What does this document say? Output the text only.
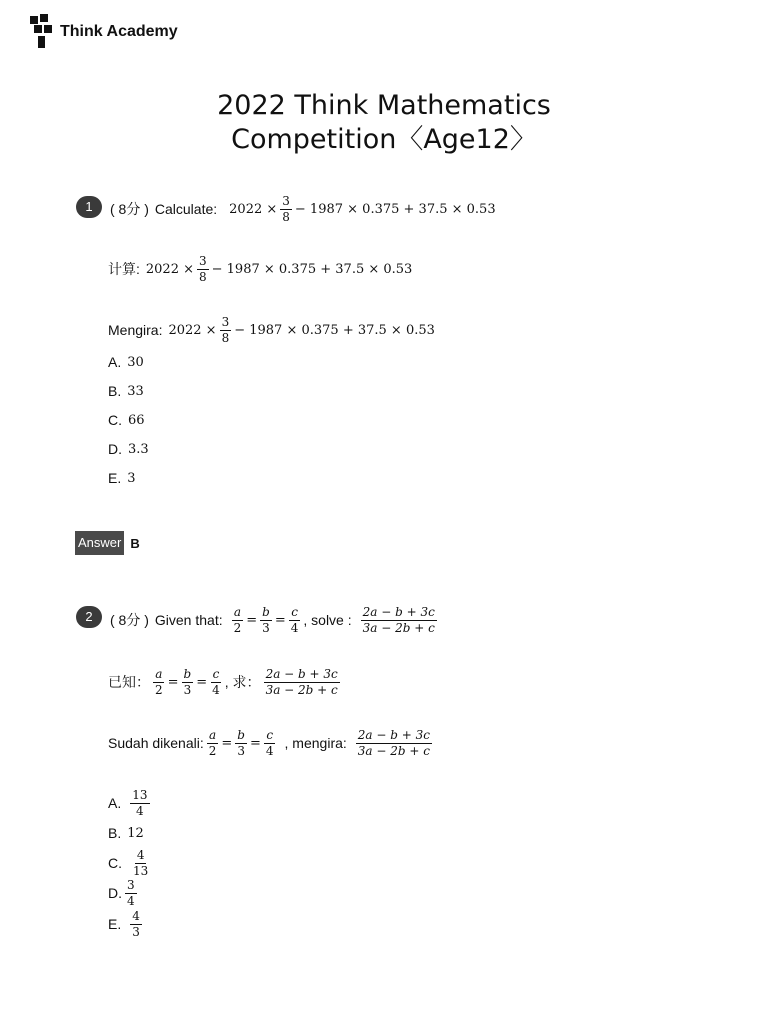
Think Academy
2022 Think Mathematics
Competition〈Age12〉
1	( 8分 ) Calculate: $2022 \times \frac{3}{8} - 1987 \times 0.375 + 37.5 \times 0.53$
计算: $2022 \times \frac{3}{8} - 1987 \times 0.375 + 37.5 \times 0.53$
Mengira: $2022 \times \frac{3}{8} - 1987 \times 0.375 + 37.5 \times 0.53$
A. 30
B. 33
C. 66
D. 3.3
E. 3
Answer B
2	( 8分 ) Given that: $\frac{a}{2} = \frac{b}{3} = \frac{c}{4}$ , solve : $\frac{2a - b + 3c}{3a - 2b + c}$
已知： $\frac{a}{2} = \frac{b}{3} = \frac{c}{4}$ , 求： $\frac{2a - b + 3c}{3a - 2b + c}$
Sudah dikenali: $\frac{a}{2} = \frac{b}{3} = \frac{c}{4}$ , mengira: $\frac{2a - b + 3c}{3a - 2b + c}$
A. $\frac{13}{4}$
B. 12
C. $\frac{4}{13}$
D. $\frac{3}{4}$
E. $\frac{4}{3}$
